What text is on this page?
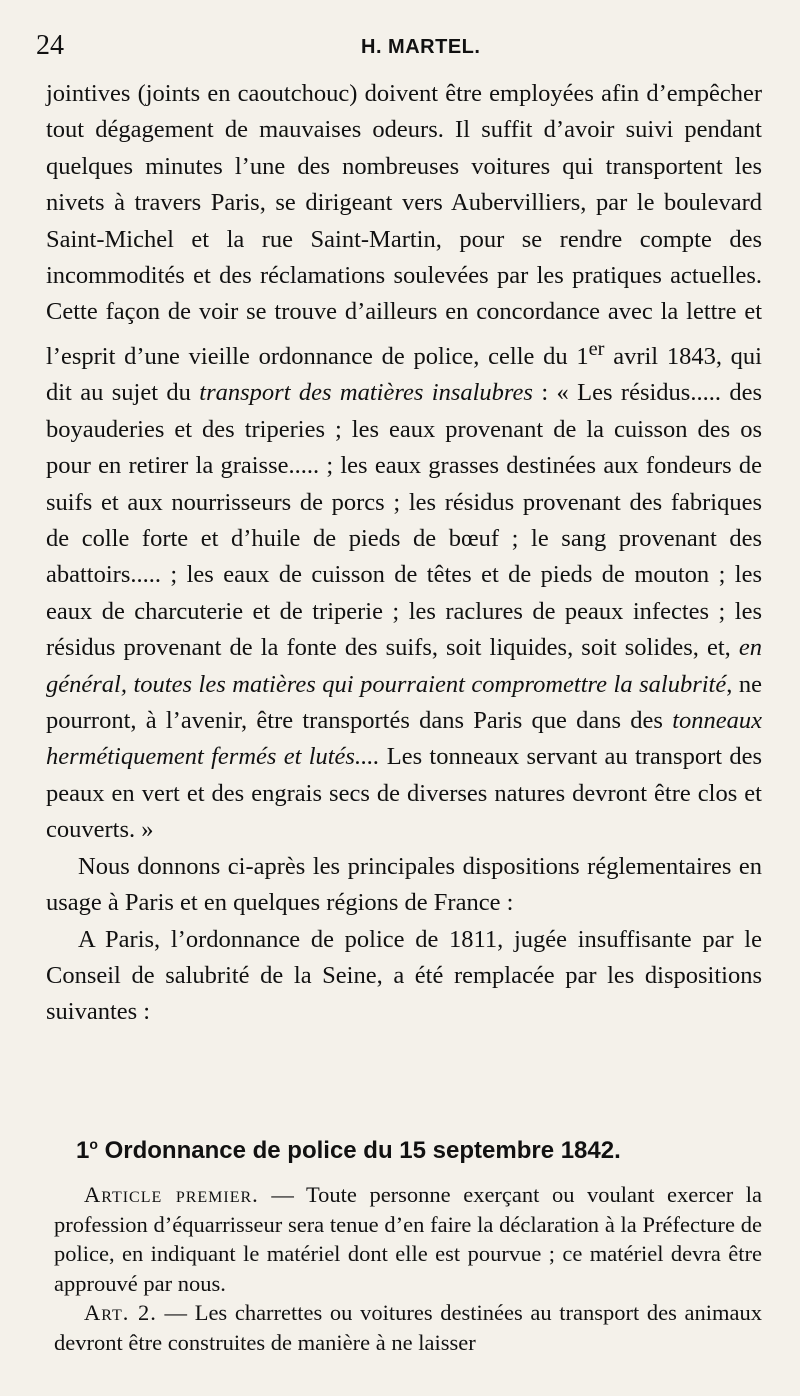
24	H. MARTEL.

jointives (joints en caoutchouc) doivent être employées afin d’empêcher tout dégagement de mauvaises odeurs. Il suffit d’avoir suivi pendant quelques minutes l’une des nombreuses voitures qui transportent les nivets à travers Paris, se dirigeant vers Aubervilliers, par le boulevard Saint-Michel et la rue Saint-Martin, pour se rendre compte des incommodités et des réclamations soulevées par les pratiques actuelles. Cette façon de voir se trouve d’ailleurs en concordance avec la lettre et l’esprit d’une vieille ordonnance de police, celle du 1er avril 1843, qui dit au sujet du transport des matières insalubres : « Les résidus..... des boyauderies et des triperies ; les eaux provenant de la cuisson des os pour en retirer la graisse..... ; les eaux grasses destinées aux fondeurs de suifs et aux nourrisseurs de porcs ; les résidus provenant des fabriques de colle forte et d’huile de pieds de bœuf ; le sang provenant des abattoirs..... ; les eaux de cuisson de têtes et de pieds de mouton ; les eaux de charcuterie et de triperie ; les raclures de peaux infectes ; les résidus provenant de la fonte des suifs, soit liquides, soit solides, et, en général, toutes les matières qui pourraient compromettre la salubrité, ne pourront, à l’avenir, être transportés dans Paris que dans des tonneaux hermétiquement fermés et lutés.... Les tonneaux servant au transport des peaux en vert et des engrais secs de diverses natures devront être clos et couverts. »

Nous donnons ci-après les principales dispositions réglementaires en usage à Paris et en quelques régions de France :

A Paris, l’ordonnance de police de 1811, jugée insuffisante par le Conseil de salubrité de la Seine, a été remplacée par les dispositions suivantes :

1$^o$ Ordonnance de police du 15 septembre 1842.

Article premier. — Toute personne exerçant ou voulant exercer la profession d’équarrisseur sera tenue d’en faire la déclaration à la Préfecture de police, en indiquant le matériel dont elle est pourvue ; ce matériel devra être approuvé par nous.

Art. 2. — Les charrettes ou voitures destinées au transport des animaux devront être construites de manière à ne laisser
